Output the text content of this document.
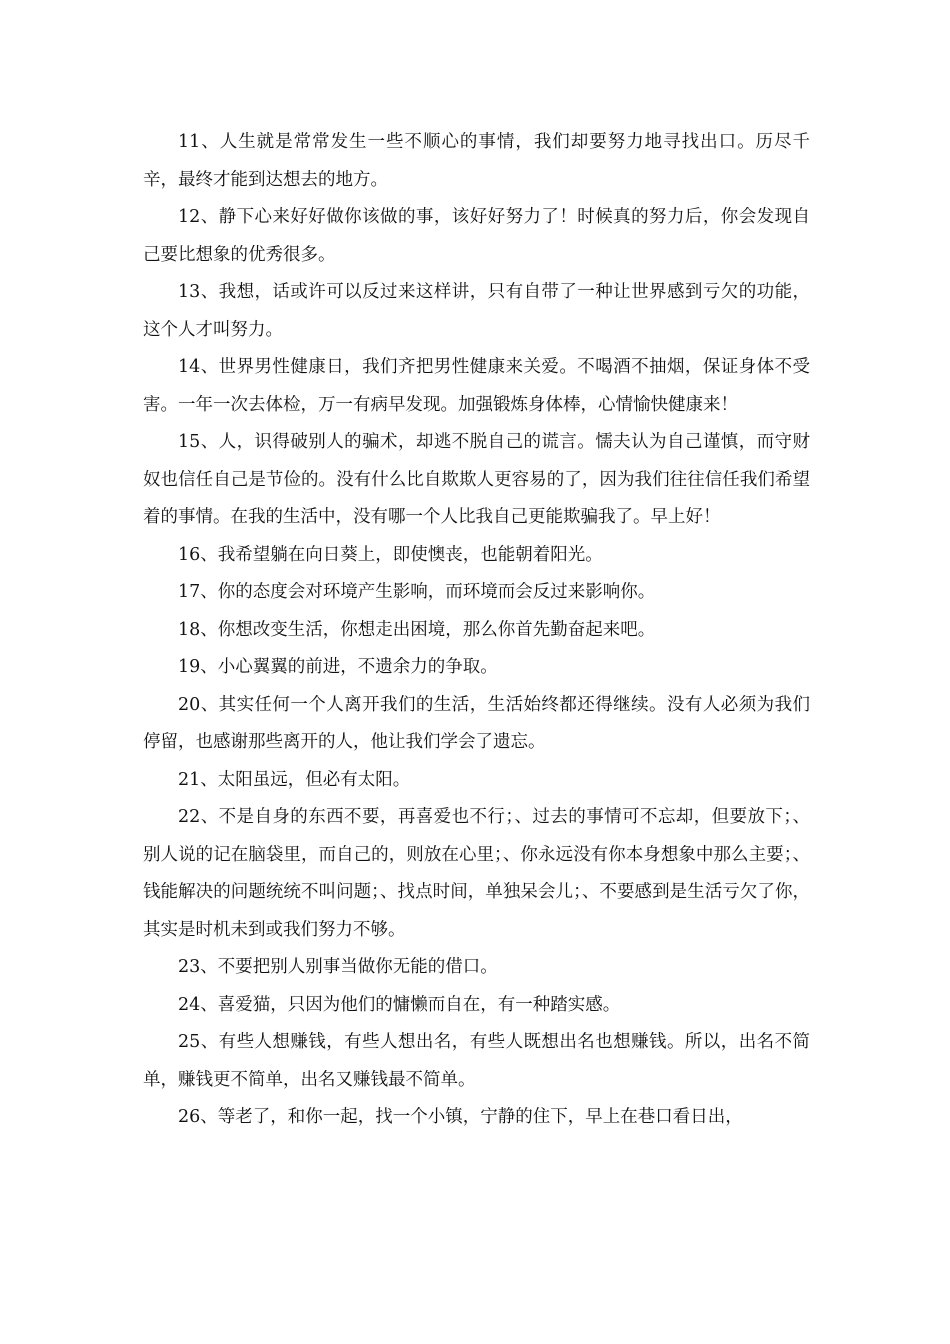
11、人生就是常常发生一些不顺心的事情，我们却要努力地寻找出口。历尽千辛，最终才能到达想去的地方。

12、静下心来好好做你该做的事，该好好努力了！时候真的努力后，你会发现自己要比想象的优秀很多。

13、我想，话或许可以反过来这样讲，只有自带了一种让世界感到亏欠的功能，这个人才叫努力。

14、世界男性健康日，我们齐把男性健康来关爱。不喝酒不抽烟，保证身体不受害。一年一次去体检，万一有病早发现。加强锻炼身体棒，心情愉快健康来！

15、人，识得破别人的骗术，却逃不脱自己的谎言。懦夫认为自己谨慎，而守财奴也信任自己是节俭的。没有什么比自欺欺人更容易的了，因为我们往往信任我们希望着的事情。在我的生活中，没有哪一个人比我自己更能欺骗我了。早上好！

16、我希望躺在向日葵上，即使懊丧，也能朝着阳光。

17、你的态度会对环境产生影响，而环境而会反过来影响你。

18、你想改变生活，你想走出困境，那么你首先勤奋起来吧。

19、小心翼翼的前进，不遗余力的争取。

20、其实任何一个人离开我们的生活，生活始终都还得继续。没有人必须为我们停留，也感谢那些离开的人，他让我们学会了遗忘。

21、太阳虽远，但必有太阳。

22、不是自身的东西不要，再喜爱也不行；、过去的事情可不忘却，但要放下；、别人说的记在脑袋里，而自己的，则放在心里；、你永远没有你本身想象中那么主要；、钱能解决的问题统统不叫问题；、找点时间，单独呆会儿；、不要感到是生活亏欠了你，其实是时机未到或我们努力不够。

23、不要把别人别事当做你无能的借口。

24、喜爱猫，只因为他们的慵懒而自在，有一种踏实感。

25、有些人想赚钱，有些人想出名，有些人既想出名也想赚钱。所以，出名不简单，赚钱更不简单，出名又赚钱最不简单。

26、等老了，和你一起，找一个小镇，宁静的住下，早上在巷口看日出，
